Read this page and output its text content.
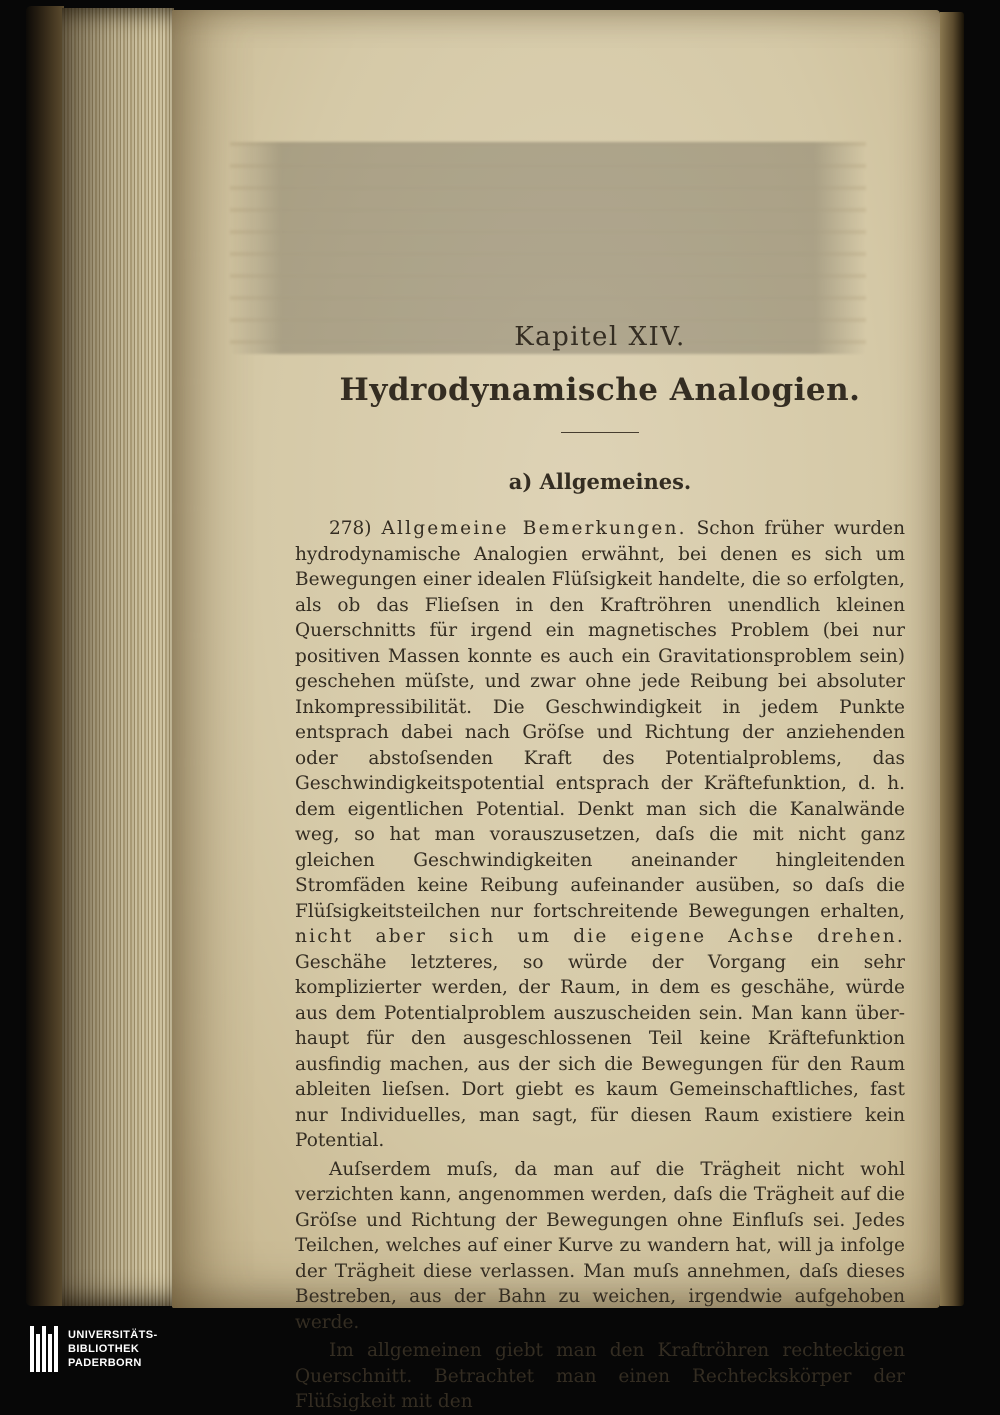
Kapitel XIV.
Hydrodynamische Analogien.
a) Allgemeines.

278) Allgemeine Bemerkungen. Schon früher wurden hydrodynamische Analogien erwähnt, bei denen es sich um Bewegungen einer idealen Flüſsigkeit handelte, die so erfolgten, als ob das Flieſsen in den Kraftröhren unendlich kleinen Querschnitts für irgend ein magnetisches Problem (bei nur positiven Massen konnte es auch ein Gravitationsproblem sein) geschehen müſste, und zwar ohne jede Reibung bei absoluter Inkompressibilität. Die Geschwindigkeit in jedem Punkte entsprach dabei nach Gröſse und Richtung der anziehenden oder abstoſsenden Kraft des Potentialproblems, das Geschwindigkeitspotential entsprach der Kräftefunktion, d. h. dem eigentlichen Potential. Denkt man sich die Kanalwände weg, so hat man vorauszusetzen, daſs die mit nicht ganz gleichen Geschwindigkeiten aneinander hingleitenden Stromfäden keine Reibung aufeinander ausüben, so daſs die Flüſsigkeitsteilchen nur fortschreitende Bewegungen erhalten, nicht aber sich um die eigene Achse drehen. Geschähe letzteres, so würde der Vorgang ein sehr komplizierter werden, der Raum, in dem es geschähe, würde aus dem Potentialproblem auszuscheiden sein. Man kann überhaupt für den ausgeschlossenen Teil keine Kräftefunktion ausfindig machen, aus der sich die Bewegungen für den Raum ableiten lieſsen. Dort giebt es kaum Gemeinschaftliches, fast nur Individuelles, man sagt, für diesen Raum existiere kein Potential.

Auſserdem muſs, da man auf die Trägheit nicht wohl verzichten kann, angenommen werden, daſs die Trägheit auf die Gröſse und Richtung der Bewegungen ohne Einfluſs sei. Jedes Teilchen, welches auf einer Kurve zu wandern hat, will ja infolge der Trägheit diese verlassen. Man muſs annehmen, daſs dieses Bestreben, aus der Bahn zu weichen, irgendwie aufgehoben werde.

Im allgemeinen giebt man den Kraftröhren rechteckigen Querschnitt. Betrachtet man einen Rechteckskörper der Flüſsigkeit mit den

UNIVERSITÄTS-
BIBLIOTHEK
PADERBORN
